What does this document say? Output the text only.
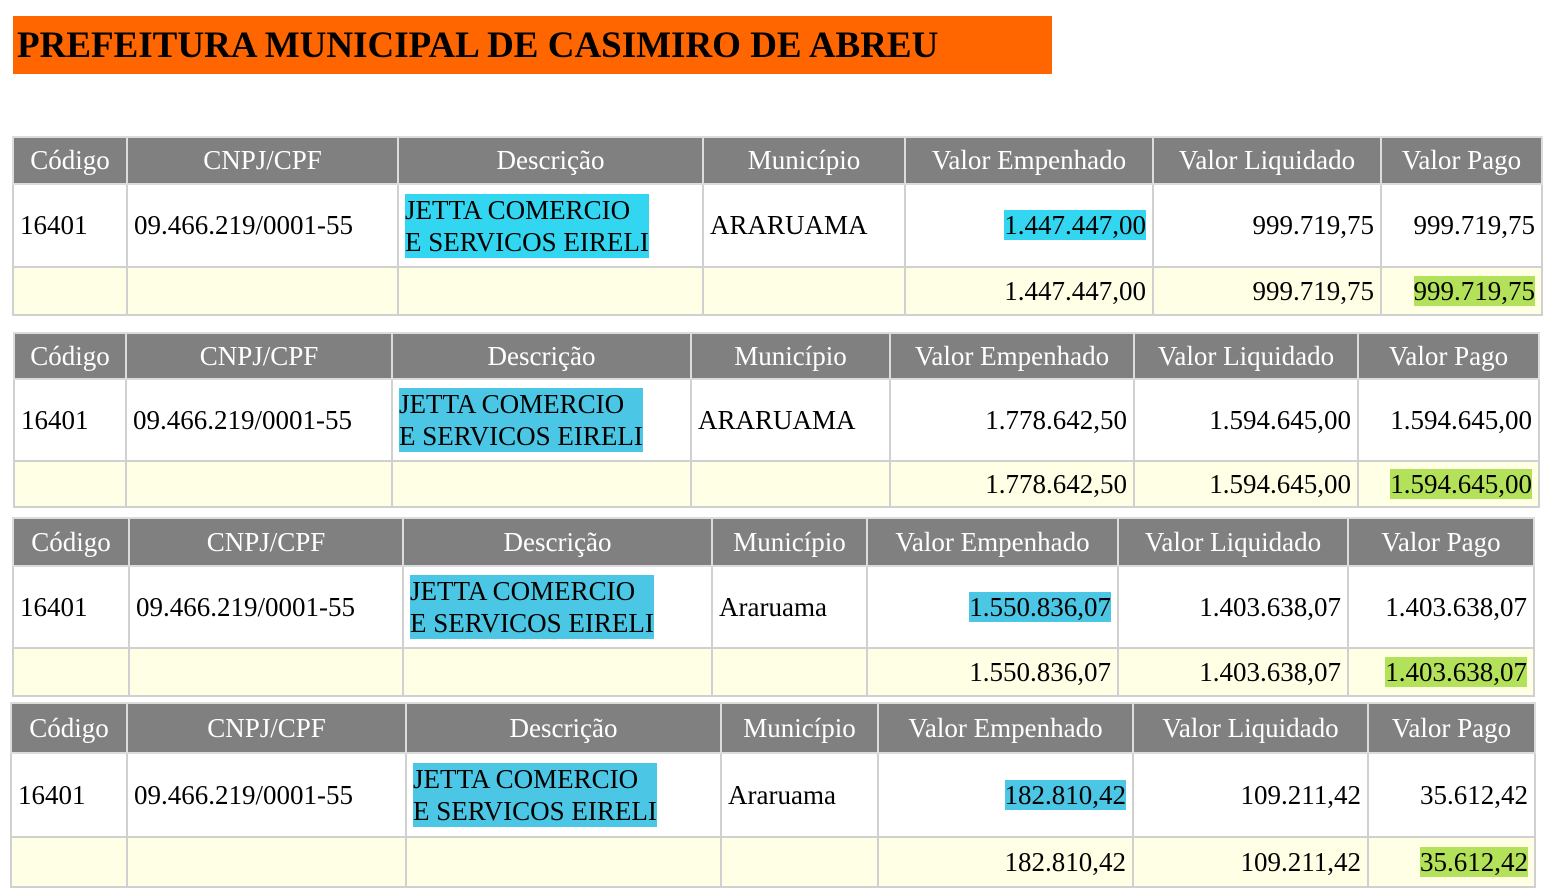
PREFEITURA MUNICIPAL DE CASIMIRO DE ABREU
Código	CNPJ/CPF	Descrição	Município	Valor Empenhado	Valor Liquidado	Valor Pago
16401	09.466.219/0001-55	JETTA COMERCIO
E SERVICOS EIRELI	ARARUAMA	1.447.447,00	999.719,75	999.719,75
				1.447.447,00	999.719,75	999.719,75
Código	CNPJ/CPF	Descrição	Município	Valor Empenhado	Valor Liquidado	Valor Pago
16401	09.466.219/0001-55	JETTA COMERCIO
E SERVICOS EIRELI	ARARUAMA	1.778.642,50	1.594.645,00	1.594.645,00
				1.778.642,50	1.594.645,00	1.594.645,00
Código	CNPJ/CPF	Descrição	Município	Valor Empenhado	Valor Liquidado	Valor Pago
16401	09.466.219/0001-55	JETTA COMERCIO
E SERVICOS EIRELI	Araruama	1.550.836,07	1.403.638,07	1.403.638,07
				1.550.836,07	1.403.638,07	1.403.638,07
Código	CNPJ/CPF	Descrição	Município	Valor Empenhado	Valor Liquidado	Valor Pago
16401	09.466.219/0001-55	JETTA COMERCIO
E SERVICOS EIRELI	Araruama	182.810,42	109.211,42	35.612,42
				182.810,42	109.211,42	35.612,42
